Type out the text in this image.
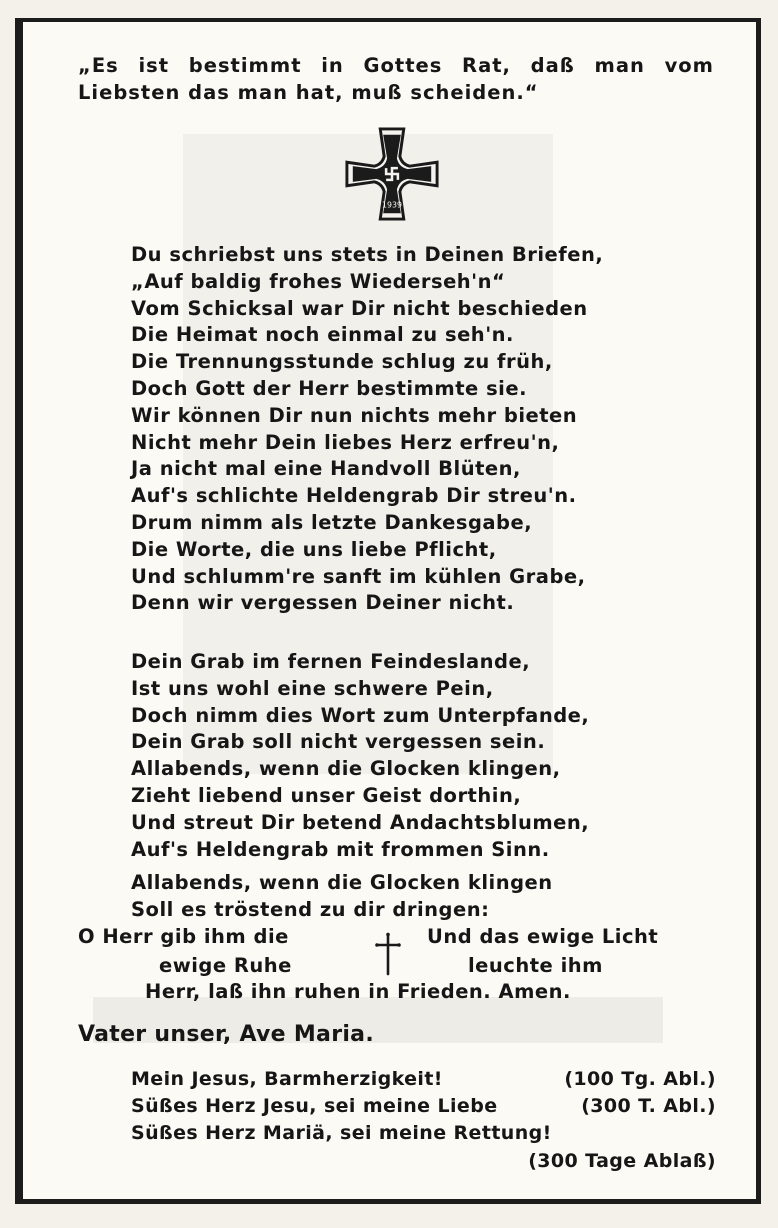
„Es ist bestimmt in Gottes Rat, daß man vom
Liebsten das man hat, muß scheiden.“
1939
Du schriebst uns stets in Deinen Briefen,
„Auf baldig frohes Wiederseh'n“
Vom Schicksal war Dir nicht beschieden
Die Heimat noch einmal zu seh'n.
Die Trennungsstunde schlug zu früh,
Doch Gott der Herr bestimmte sie.
Wir können Dir nun nichts mehr bieten
Nicht mehr Dein liebes Herz erfreu'n,
Ja nicht mal eine Handvoll Blüten,
Auf's schlichte Heldengrab Dir streu'n.
Drum nimm als letzte Dankesgabe,
Die Worte, die uns liebe Pflicht,
Und schlumm're sanft im kühlen Grabe,
Denn wir vergessen Deiner nicht.
Dein Grab im fernen Feindeslande,
Ist uns wohl eine schwere Pein,
Doch nimm dies Wort zum Unterpfande,
Dein Grab soll nicht vergessen sein.
Allabends, wenn die Glocken klingen,
Zieht liebend unser Geist dorthin,
Und streut Dir betend Andachtsblumen,
Auf's Heldengrab mit frommen Sinn.
Allabends, wenn die Glocken klingen
Soll es tröstend zu dir dringen:
O Herr gib ihm die
ewige Ruhe
Und das ewige Licht
leuchte ihm
Herr, laß ihn ruhen in Frieden. Amen.
Vater unser, Ave Maria.
Mein Jesus, Barmherzigkeit!	(100 Tg. Abl.)
Süßes Herz Jesu, sei meine Liebe	(300 T. Abl.)
Süßes Herz Mariä, sei meine Rettung!
(300 Tage Ablaß)
